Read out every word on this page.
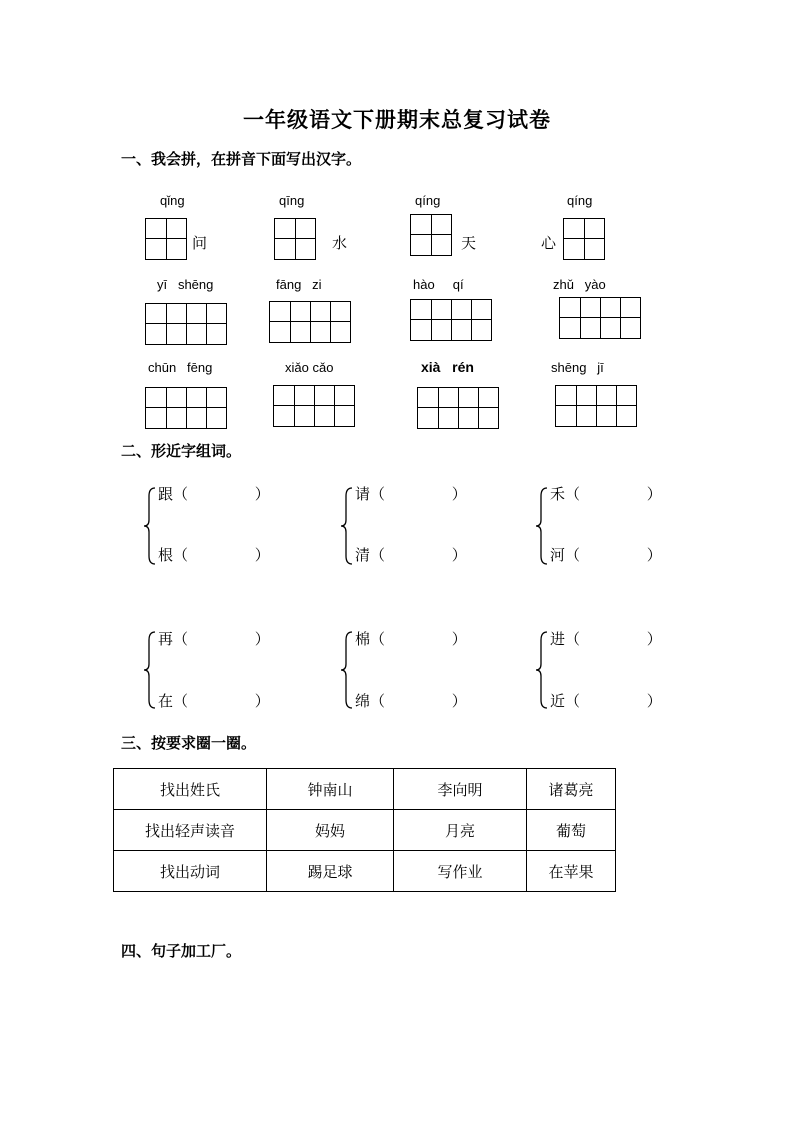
一年级语文下册期末总复习试卷
一、我会拼，在拼音下面写出汉字。
qǐng	qīng	qíng	qíng
问	水	天	心
yī   shēng	fāng   zi	hào     qí	zhǔ   yào
chūn   fēng	xiǎo cǎo	xià   rén	shēng   jī
二、形近字组词。
跟（              ）
根（              ）
请（              ）
清（              ）
禾（              ）
河（              ）
再（              ）
在（              ）
棉（              ）
绵（              ）
进（              ）
近（              ）
三、按要求圈一圈。
找出姓氏	钟南山	李向明	诸葛亮
找出轻声读音	妈妈	月亮	葡萄
找出动词	踢足球	写作业	在苹果
四、句子加工厂。
